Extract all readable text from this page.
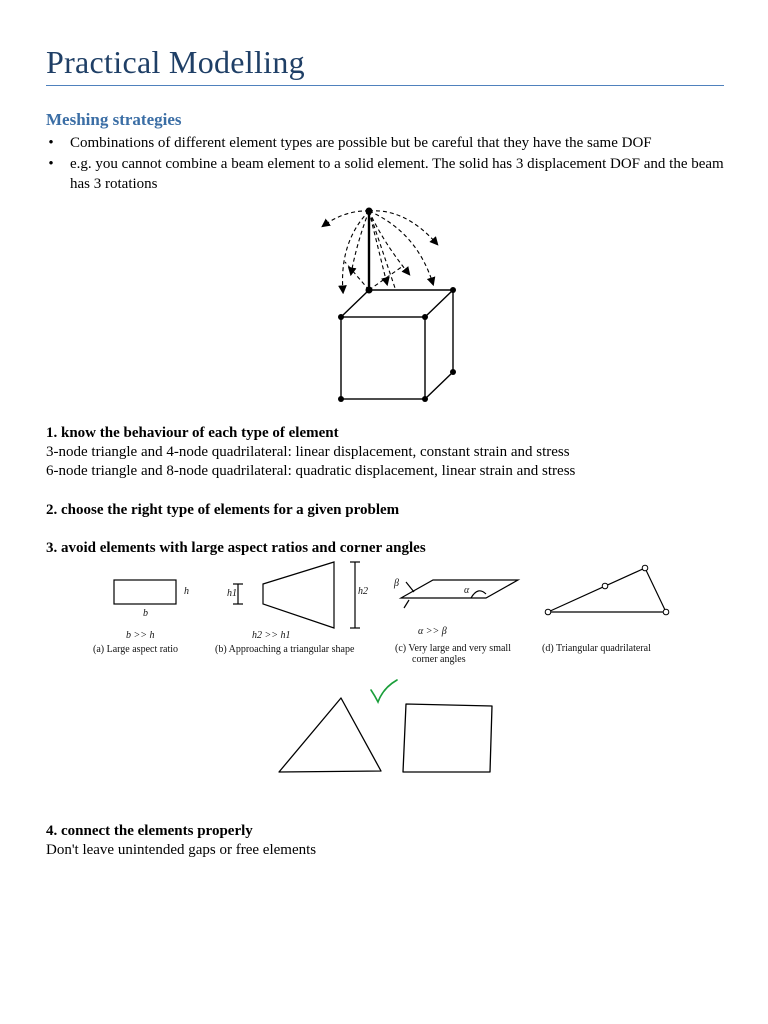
Practical Modelling
Meshing strategies
• Combinations of different element types are possible but be careful that they have the same DOF
• e.g. you cannot combine a beam element to a solid element. The solid has 3 displacement DOF and the beam has 3 rotations
1. know the behaviour of each type of element
3-node triangle and 4-node quadrilateral: linear displacement, constant strain and stress
6-node triangle and 8-node quadrilateral: quadratic displacement, linear strain and stress
2. choose the right type of elements for a given problem
3. avoid elements with large aspect ratios and corner angles
h
b
h1	h2	α
β
b >> h	h2 >> h1	α >> β
(a) Large aspect ratio	(b) Approaching a triangular shape	(c) Very large and very small
corner angles
(d) Triangular quadrilateral
4. connect the elements properly
Don't leave unintended gaps or free elements
